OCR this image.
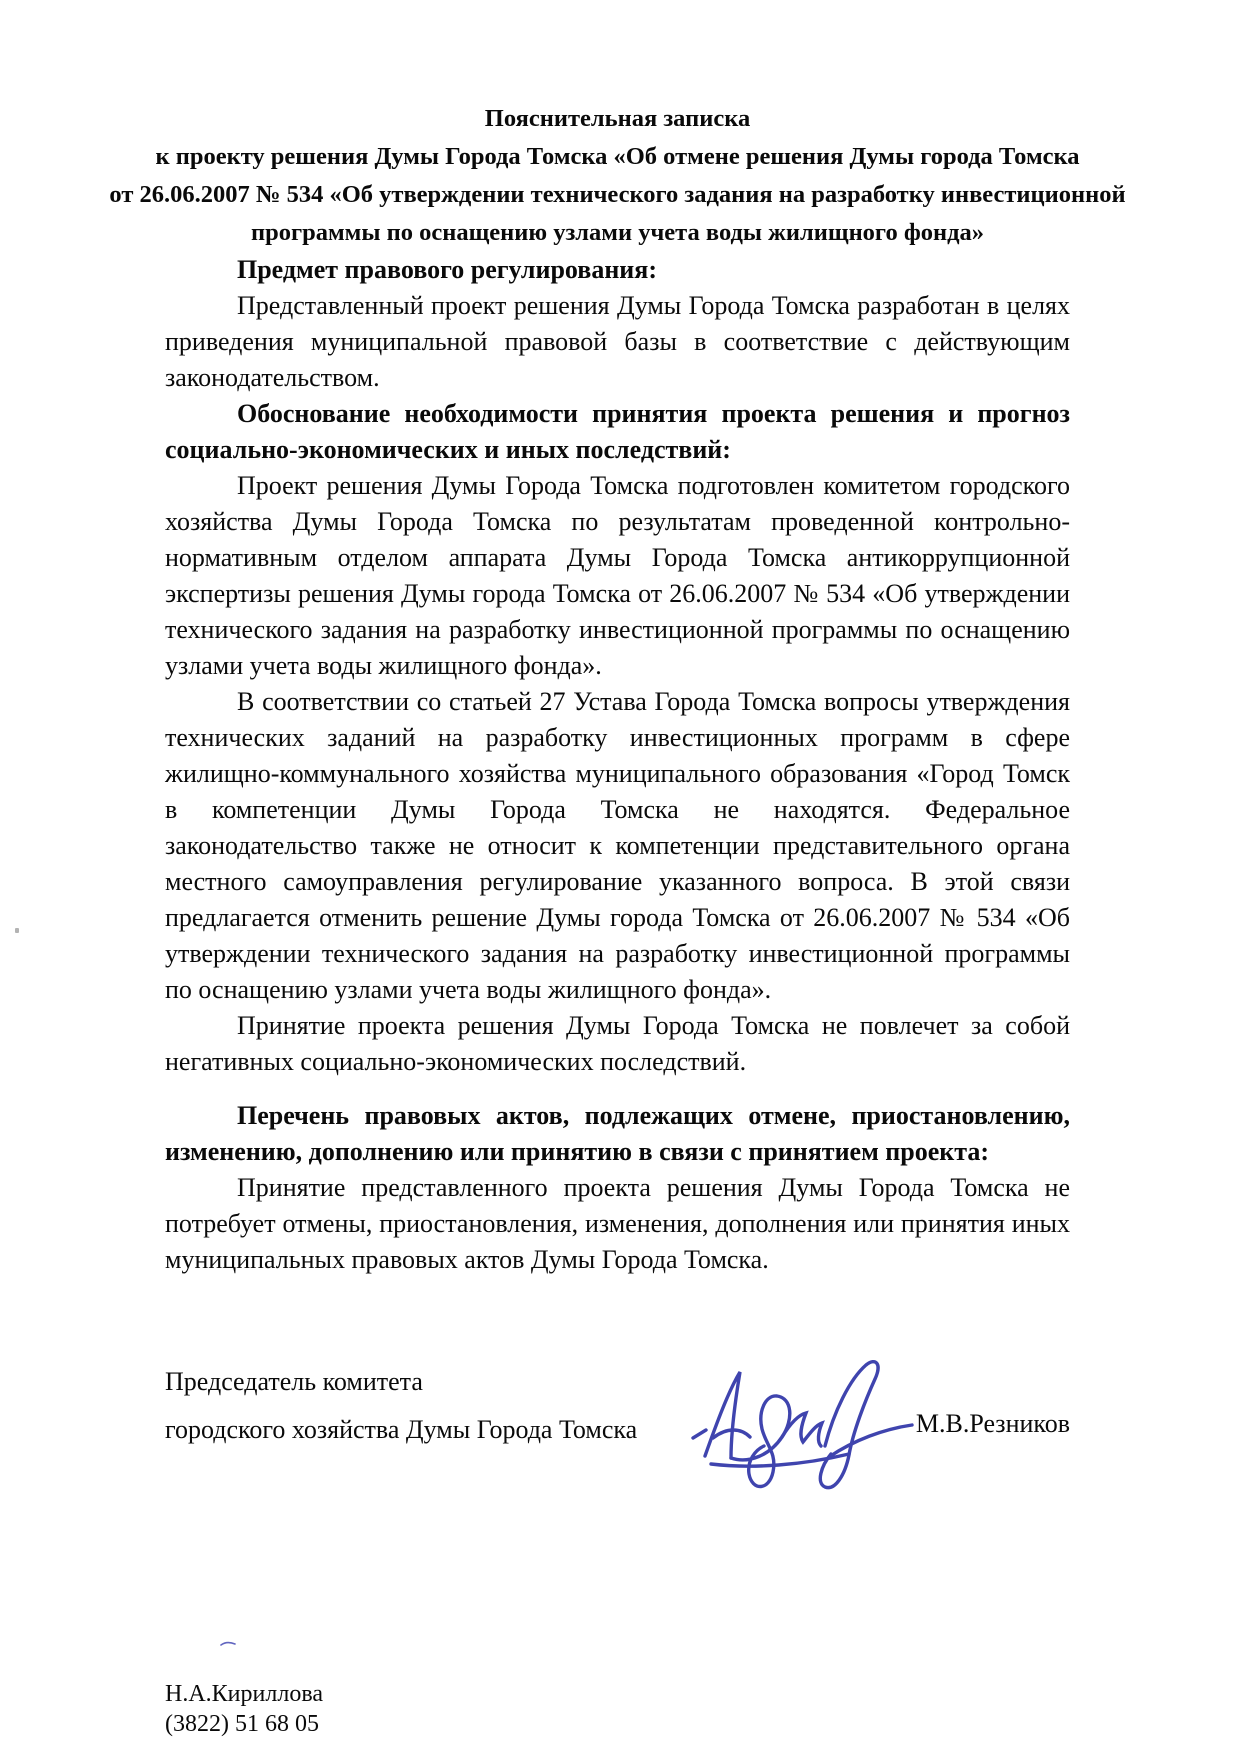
Пояснительная записка
к проекту решения Думы Города Томска «Об отмене решения Думы города Томска
от 26.06.2007 № 534 «Об утверждении технического задания на разработку инвестиционной
программы по оснащению узлами учета воды жилищного фонда»
Предмет правового регулирования:

Представленный проект решения Думы Города Томска разработан в целях приведения муниципальной правовой базы в соответствие с действующим законодательством.

Обоснование необходимости принятия проекта решения и прогноз социально-экономических и иных последствий:

Проект решения Думы Города Томска подготовлен комитетом городского хозяйства Думы Города Томска по результатам проведенной контрольно-нормативным отделом аппарата Думы Города Томска антикоррупционной экспертизы решения Думы города Томска от 26.06.2007 № 534 «Об утверждении технического задания на разработку инвестиционной программы по оснащению узлами учета воды жилищного фонда».

В соответствии со статьей 27 Устава Города Томска вопросы утверждения технических заданий на разработку инвестиционных программ в сфере жилищно-коммунального хозяйства муниципального образования «Город Томск в компетенции Думы Города Томска не находятся. Федеральное законодательство также не относит к компетенции представительного органа местного самоуправления регулирование указанного вопроса. В этой связи предлагается отменить решение Думы города Томска от 26.06.2007 № 534 «Об утверждении технического задания на разработку инвестиционной программы по оснащению узлами учета воды жилищного фонда».

Принятие проекта решения Думы Города Томска не повлечет за собой негативных социально-экономических последствий.

Перечень правовых актов, подлежащих отмене, приостановлению, изменению, дополнению или принятию в связи с принятием проекта:

Принятие представленного проекта решения Думы Города Томска не потребует отмены, приостановления, изменения, дополнения или принятия иных муниципальных правовых актов Думы Города Томска.

Председатель комитета
городского хозяйства Думы Города Томска	М.В.Резников
Н.А.Кириллова
(3822) 51 68 05
